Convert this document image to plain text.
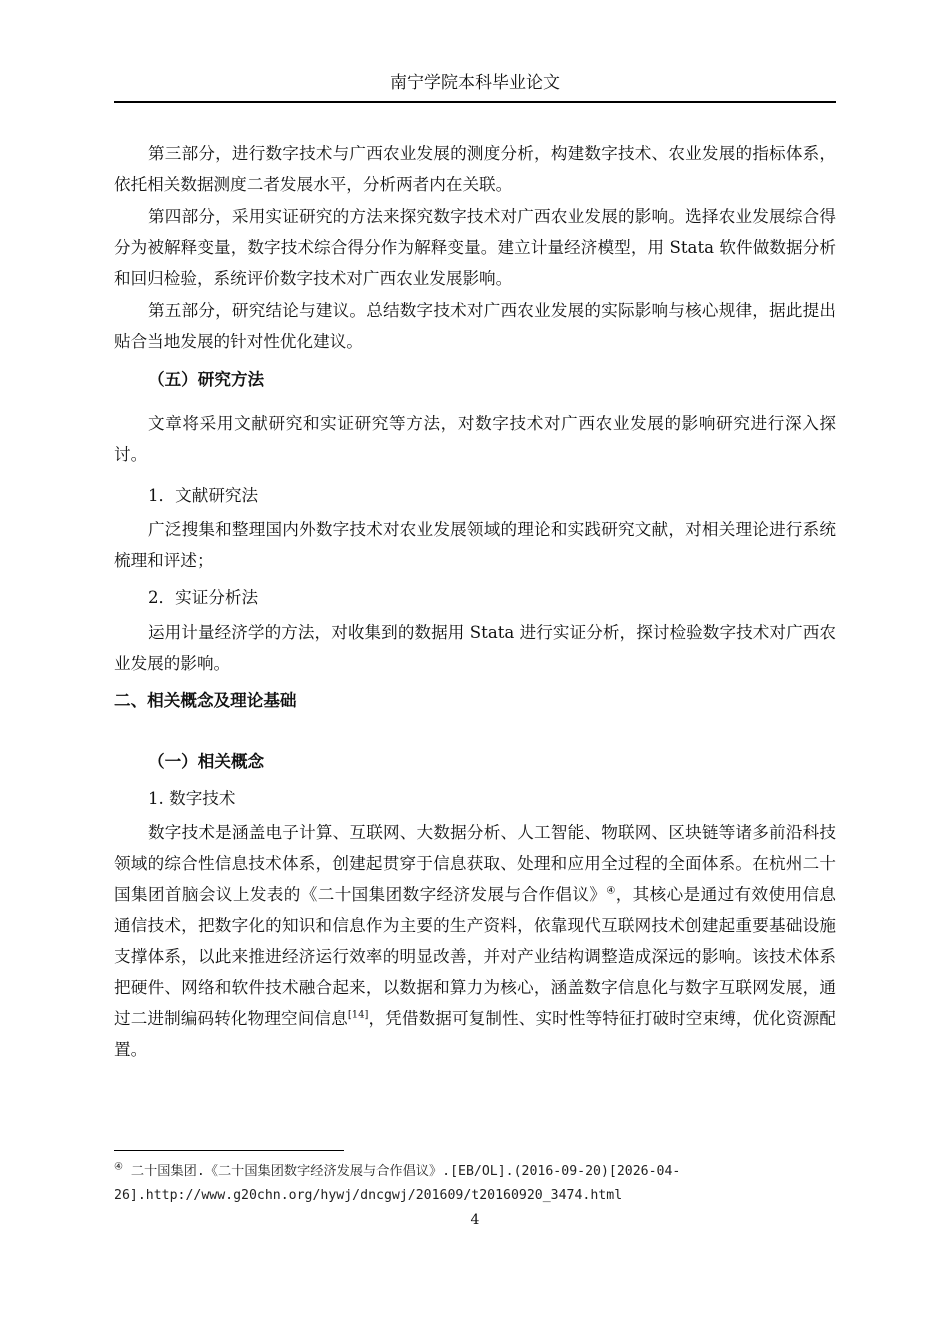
南宁学院本科毕业论文

第三部分，进行数字技术与广西农业发展的测度分析，构建数字技术、农业发展的指标体系，依托相关数据测度二者发展水平，分析两者内在关联。

第四部分，采用实证研究的方法来探究数字技术对广西农业发展的影响。选择农业发展综合得分为被解释变量，数字技术综合得分作为解释变量。建立计量经济模型，用 Stata 软件做数据分析和回归检验，系统评价数字技术对广西农业发展影响。

第五部分，研究结论与建议。总结数字技术对广西农业发展的实际影响与核心规律，据此提出贴合当地发展的针对性优化建议。

（五）研究方法

文章将采用文献研究和实证研究等方法，对数字技术对广西农业发展的影响研究进行深入探讨。

1．文献研究法

广泛搜集和整理国内外数字技术对农业发展领域的理论和实践研究文献，对相关理论进行系统梳理和评述；

2．实证分析法

运用计量经济学的方法，对收集到的数据用 Stata 进行实证分析，探讨检验数字技术对广西农业发展的影响。

二、相关概念及理论基础

（一）相关概念

1. 数字技术

数字技术是涵盖电子计算、互联网、大数据分析、人工智能、物联网、区块链等诸多前沿科技领域的综合性信息技术体系，创建起贯穿于信息获取、处理和应用全过程的全面体系。在杭州二十国集团首脑会议上发表的《二十国集团数字经济发展与合作倡议》④，其核心是通过有效使用信息通信技术，把数字化的知识和信息作为主要的生产资料，依靠现代互联网技术创建起重要基础设施支撑体系，以此来推进经济运行效率的明显改善，并对产业结构调整造成深远的影响。该技术体系把硬件、网络和软件技术融合起来，以数据和算力为核心，涵盖数字信息化与数字互联网发展，通过二进制编码转化物理空间信息[14]，凭借数据可复制性、实时性等特征打破时空束缚，优化资源配置。

④ 二十国集团.《二十国集团数字经济发展与合作倡议》.[EB/OL].(2016-09-20)[2026-04-26].http://www.g20chn.org/hywj/dncgwj/201609/t20160920_3474.html

4
